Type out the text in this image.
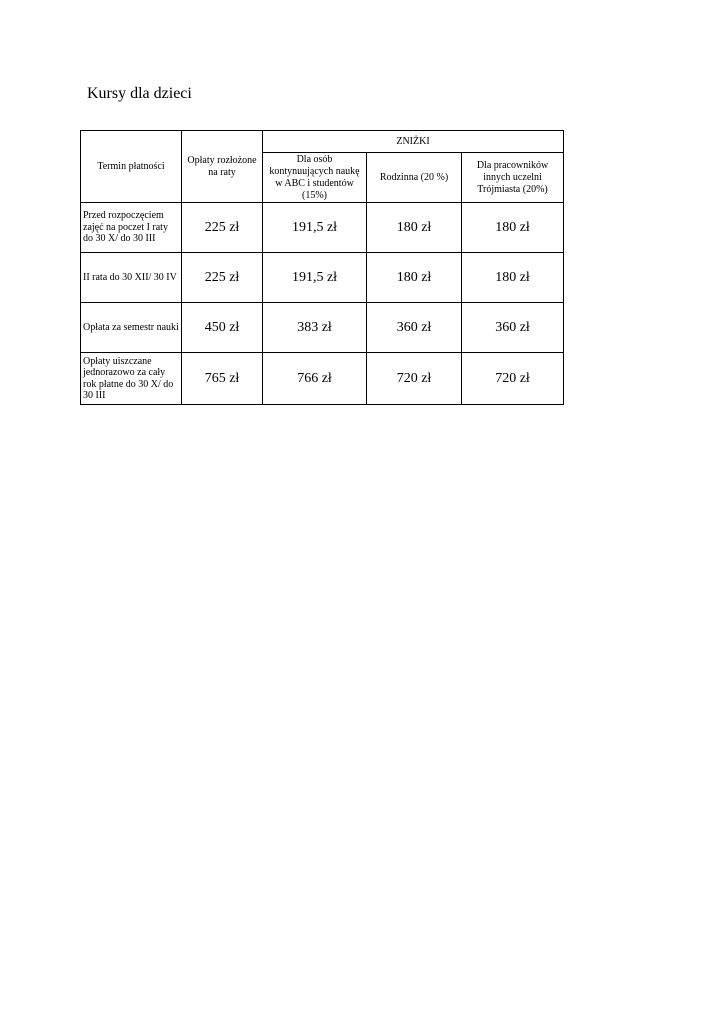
Kursy dla dzieci
Termin płatności	Opłaty rozłożone na raty	ZNIŻKI		
		Dla osób kontynuujących naukę w ABC i studentów (15%)	Rodzinna (20 %)	Dla pracowników innych uczelni Trójmiasta (20%)
Przed rozpoczęciem zajęć na poczet I raty do 30 X/ do 30 III	225 zł	191,5 zł	180 zł	180 zł
II rata do 30 XII/ 30 IV	225 zł	191,5 zł	180 zł	180 zł
Opłata za semestr nauki	450 zł	383 zł	360 zł	360 zł
Opłaty uiszczane jednorazowo za cały rok płatne do 30 X/ do 30 III	765 zł	766 zł	720 zł	720 zł
